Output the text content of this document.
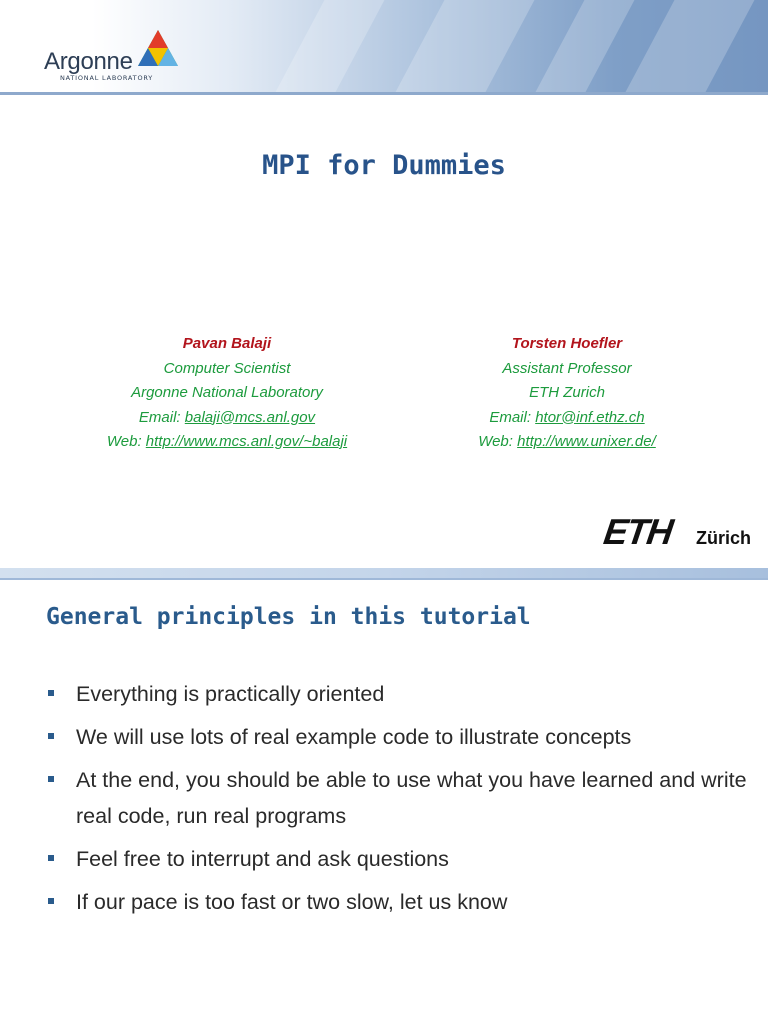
Argonne
NATIONAL LABORATORY
MPI for Dummies
Pavan Balaji
Computer Scientist
Argonne National Laboratory
Email: balaji@mcs.anl.gov
Web: http://www.mcs.anl.gov/~balaji
Torsten Hoefler
Assistant Professor
ETH Zurich
Email: htor@inf.ethz.ch
Web: http://www.unixer.de/
ETH Zürich
General principles in this tutorial
Everything is practically oriented
We will use lots of real example code to illustrate concepts
At the end, you should be able to use what you have learned and write real code, run real programs
Feel free to interrupt and ask questions
If our pace is too fast or two slow, let us know
